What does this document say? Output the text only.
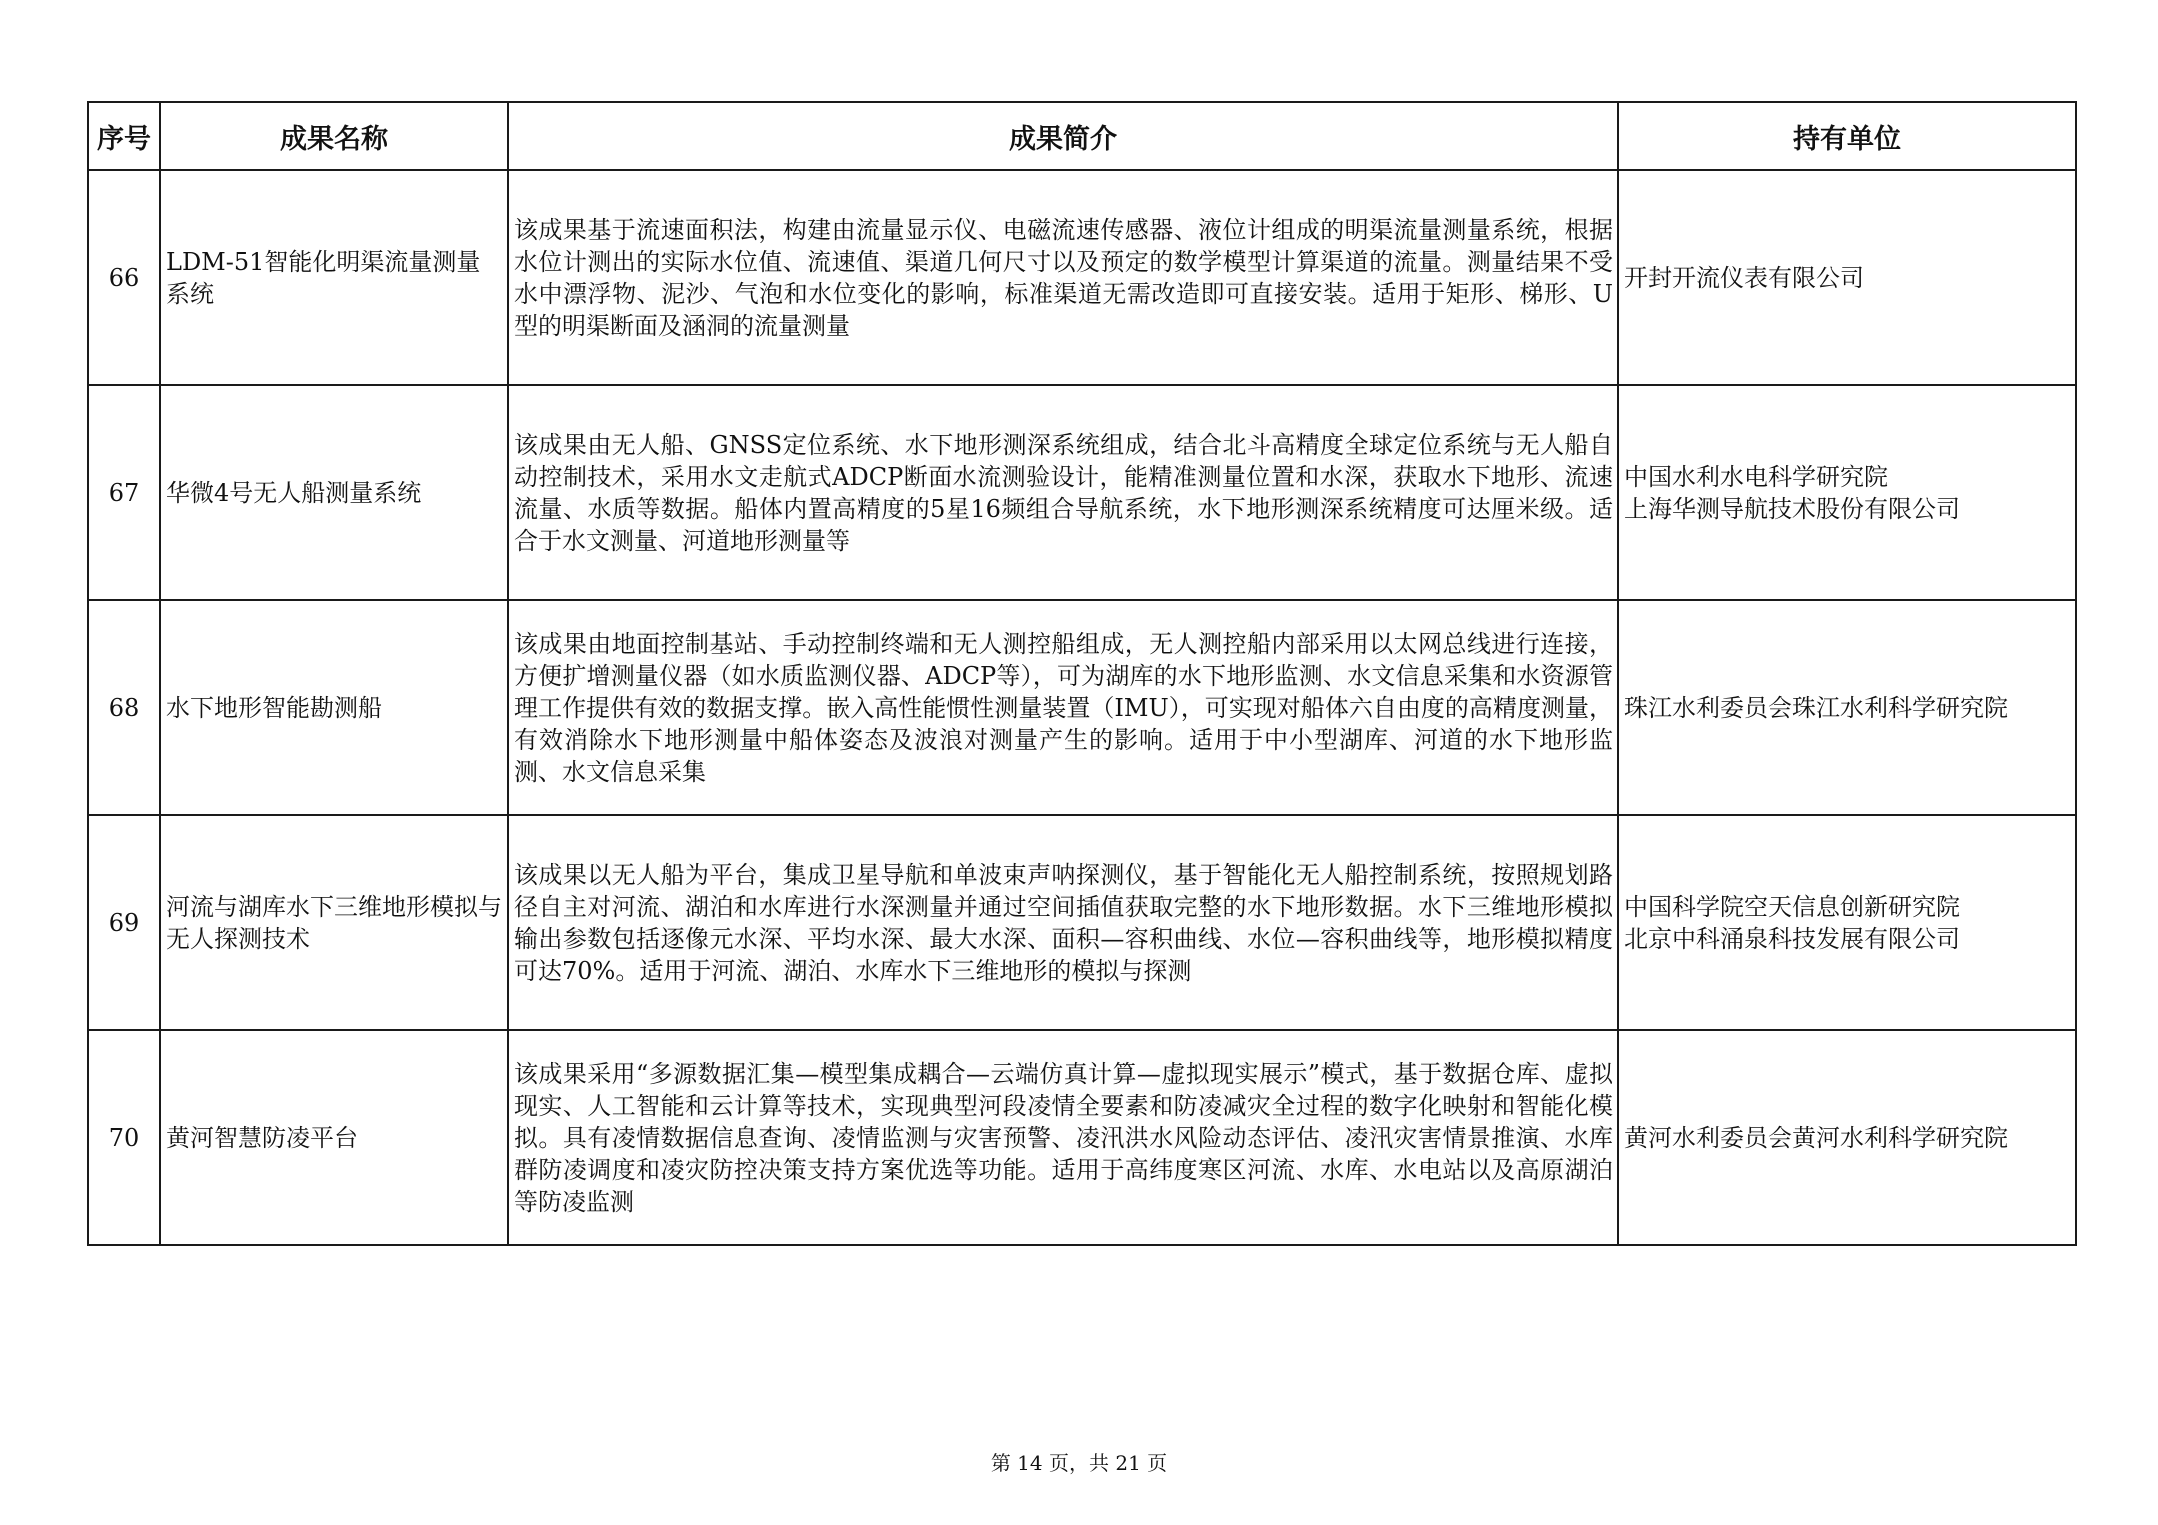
序号	成果名称	成果简介	持有单位
66	LDM-51智能化明渠流量测量系统	该成果基于流速面积法，构建由流量显示仪、电磁流速传感器、液位计组成的明渠流量测量系统，根据水位计测出的实际水位值、流速值、渠道几何尺寸以及预定的数学模型计算渠道的流量。测量结果不受水中漂浮物、泥沙、气泡和水位变化的影响，标准渠道无需改造即可直接安装。适用于矩形、梯形、U型的明渠断面及涵洞的流量测量	开封开流仪表有限公司

67	华微4号无人船测量系统	该成果由无人船、GNSS定位系统、水下地形测深系统组成，结合北斗高精度全球定位系统与无人船自动控制技术，采用水文走航式ADCP断面水流测验设计，能精准测量位置和水深，获取水下地形、流速流量、水质等数据。船体内置高精度的5星16频组合导航系统，水下地形测深系统精度可达厘米级。适合于水文测量、河道地形测量等	中国水利水电科学研究院
上海华测导航技术股份有限公司

68	水下地形智能勘测船	该成果由地面控制基站、手动控制终端和无人测控船组成，无人测控船内部采用以太网总线进行连接，方便扩增测量仪器（如水质监测仪器、ADCP等），可为湖库的水下地形监测、水文信息采集和水资源管理工作提供有效的数据支撑。嵌入高性能惯性测量装置（IMU），可实现对船体六自由度的高精度测量，有效消除水下地形测量中船体姿态及波浪对测量产生的影响。适用于中小型湖库、河道的水下地形监测、水文信息采集	珠江水利委员会珠江水利科学研究院

69	河流与湖库水下三维地形模拟与无人探测技术	该成果以无人船为平台，集成卫星导航和单波束声呐探测仪，基于智能化无人船控制系统，按照规划路径自主对河流、湖泊和水库进行水深测量并通过空间插值获取完整的水下地形数据。水下三维地形模拟输出参数包括逐像元水深、平均水深、最大水深、面积—容积曲线、水位—容积曲线等，地形模拟精度可达70%。适用于河流、湖泊、水库水下三维地形的模拟与探测	中国科学院空天信息创新研究院
北京中科涌泉科技发展有限公司

70	黄河智慧防凌平台	该成果采用“多源数据汇集—模型集成耦合—云端仿真计算—虚拟现实展示”模式，基于数据仓库、虚拟现实、人工智能和云计算等技术，实现典型河段凌情全要素和防凌减灾全过程的数字化映射和智能化模拟。具有凌情数据信息查询、凌情监测与灾害预警、凌汛洪水风险动态评估、凌汛灾害情景推演、水库群防凌调度和凌灾防控决策支持方案优选等功能。适用于高纬度寒区河流、水库、水电站以及高原湖泊等防凌监测	黄河水利委员会黄河水利科学研究院
第 14 页，共 21 页
